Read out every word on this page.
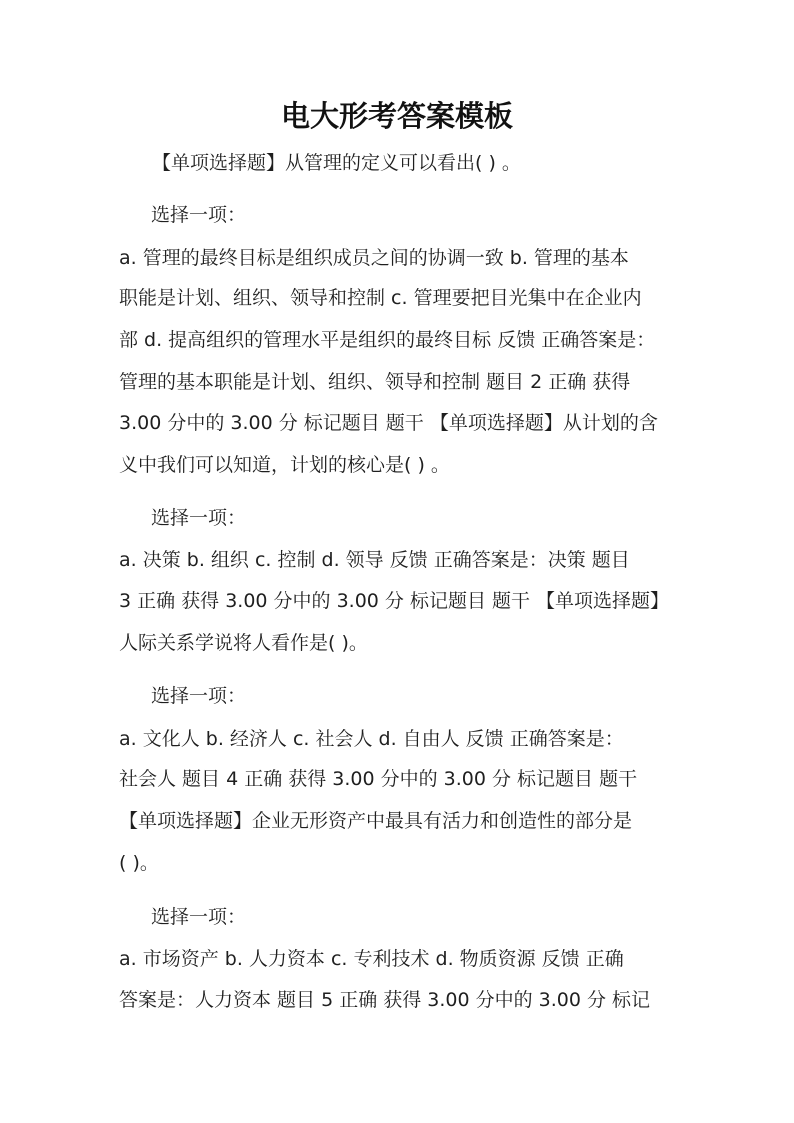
电大形考答案模板
【单项选择题】从管理的定义可以看出( ) 。
选择一项：
a. 管理的最终目标是组织成员之间的协调一致 b. 管理的基本
职能是计划、组织、领导和控制 c. 管理要把目光集中在企业内
部 d. 提高组织的管理水平是组织的最终目标 反馈 正确答案是：
管理的基本职能是计划、组织、领导和控制 题目 2 正确 获得
3.00 分中的 3.00 分 标记题目 题干 【单项选择题】从计划的含
义中我们可以知道，计划的核心是( ) 。
选择一项：
a. 决策 b. 组织 c. 控制 d. 领导 反馈 正确答案是：决策 题目
3 正确 获得 3.00 分中的 3.00 分 标记题目 题干 【单项选择题】
人际关系学说将人看作是( )。
选择一项：
a. 文化人 b. 经济人 c. 社会人 d. 自由人 反馈 正确答案是：
社会人 题目 4 正确 获得 3.00 分中的 3.00 分 标记题目 题干
【单项选择题】企业无形资产中最具有活力和创造性的部分是
( )。
选择一项：
a. 市场资产 b. 人力资本 c. 专利技术 d. 物质资源 反馈 正确
答案是：人力资本 题目 5 正确 获得 3.00 分中的 3.00 分 标记
